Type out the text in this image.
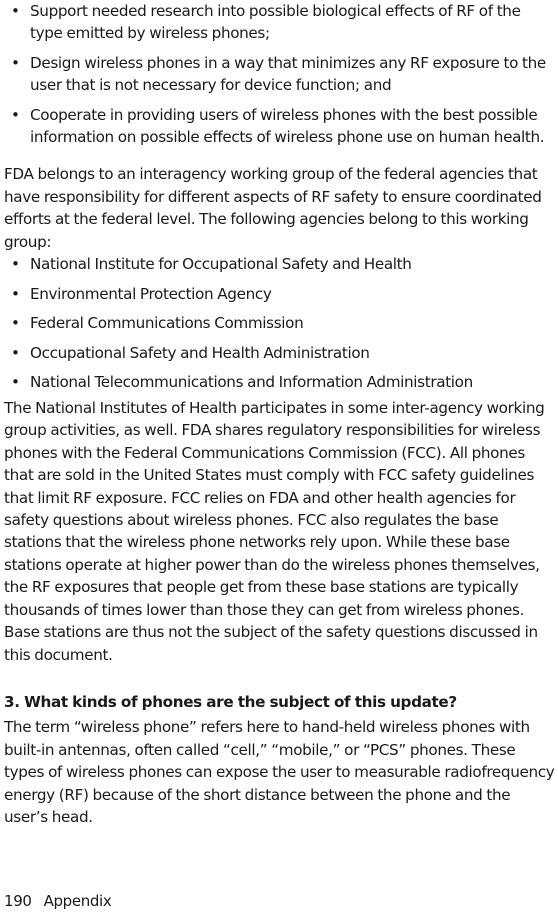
• Support needed research into possible biological effects of RF of the type emitted by wireless phones;
• Design wireless phones in a way that minimizes any RF exposure to the user that is not necessary for device function; and
• Cooperate in providing users of wireless phones with the best possible information on possible effects of wireless phone use on human health.

FDA belongs to an interagency working group of the federal agencies that have responsibility for different aspects of RF safety to ensure coordinated efforts at the federal level. The following agencies belong to this working group:

• National Institute for Occupational Safety and Health
• Environmental Protection Agency
• Federal Communications Commission
• Occupational Safety and Health Administration
• National Telecommunications and Information Administration

The National Institutes of Health participates in some inter-agency working group activities, as well. FDA shares regulatory responsibilities for wireless phones with the Federal Communications Commission (FCC). All phones that are sold in the United States must comply with FCC safety guidelines that limit RF exposure. FCC relies on FDA and other health agencies for safety questions about wireless phones. FCC also regulates the base stations that the wireless phone networks rely upon. While these base stations operate at higher power than do the wireless phones themselves, the RF exposures that people get from these base stations are typically thousands of times lower than those they can get from wireless phones. Base stations are thus not the subject of the safety questions discussed in this document.

3. What kinds of phones are the subject of this update?

The term “wireless phone” refers here to hand-held wireless phones with built-in antennas, often called “cell,” “mobile,” or “PCS” phones. These types of wireless phones can expose the user to measurable radiofrequency energy (RF) because of the short distance between the phone and the user’s head.

190 Appendix
